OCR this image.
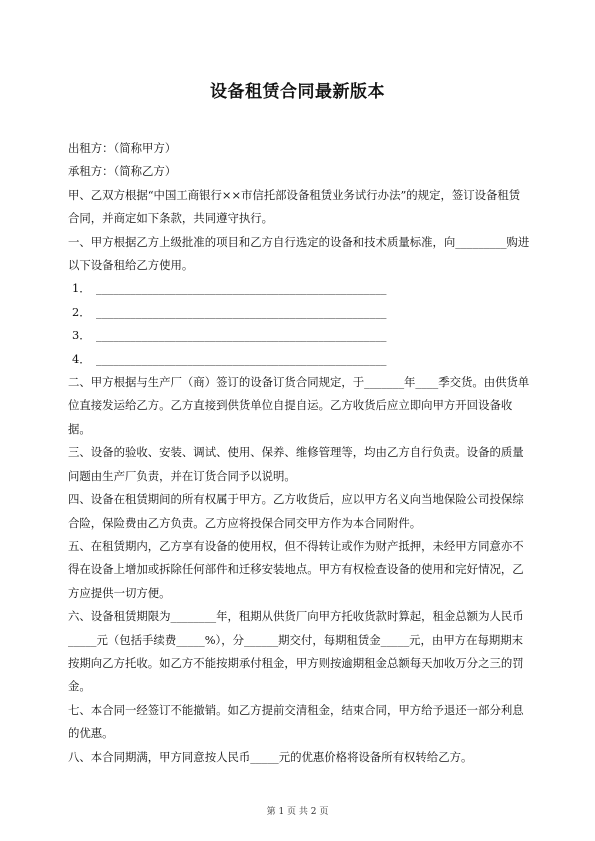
设备租赁合同最新版本

出租方：（简称甲方）

承租方：（简称乙方）

甲、乙双方根据“中国工商银行××市信托部设备租赁业务试行办法”的规定，签订设备租赁合同，并商定如下条款，共同遵守执行。

一、甲方根据乙方上级批准的项目和乙方自行选定的设备和技术质量标准，向_________购进以下设备租给乙方使用。

1． ___________________________________________________

2． ___________________________________________________

3． ___________________________________________________

4． ___________________________________________________

二、甲方根据与生产厂（商）签订的设备订货合同规定，于_______年____季交货。由供货单位直接发运给乙方。乙方直接到供货单位自提自运。乙方收货后应立即向甲方开回设备收据。

三、设备的验收、安装、调试、使用、保养、维修管理等，均由乙方自行负责。设备的质量问题由生产厂负责，并在订货合同予以说明。

四、设备在租赁期间的所有权属于甲方。乙方收货后，应以甲方名义向当地保险公司投保综合险，保险费由乙方负责。乙方应将投保合同交甲方作为本合同附件。

五、在租赁期内，乙方享有设备的使用权，但不得转让或作为财产抵押，未经甲方同意亦不得在设备上增加或拆除任何部件和迁移安装地点。甲方有权检查设备的使用和完好情况，乙方应提供一切方便。

六、设备租赁期限为________年，租期从供货厂向甲方托收货款时算起，租金总额为人民币_____元（包括手续费_____%），分______期交付，每期租赁金_____元，由甲方在每期期末按期向乙方托收。如乙方不能按期承付租金，甲方则按逾期租金总额每天加收万分之三的罚金。

七、本合同一经签订不能撤销。如乙方提前交清租金，结束合同，甲方给予退还一部分利息的优惠。

八、本合同期满，甲方同意按人民币_____元的优惠价格将设备所有权转给乙方。

第 1 页 共 2 页
